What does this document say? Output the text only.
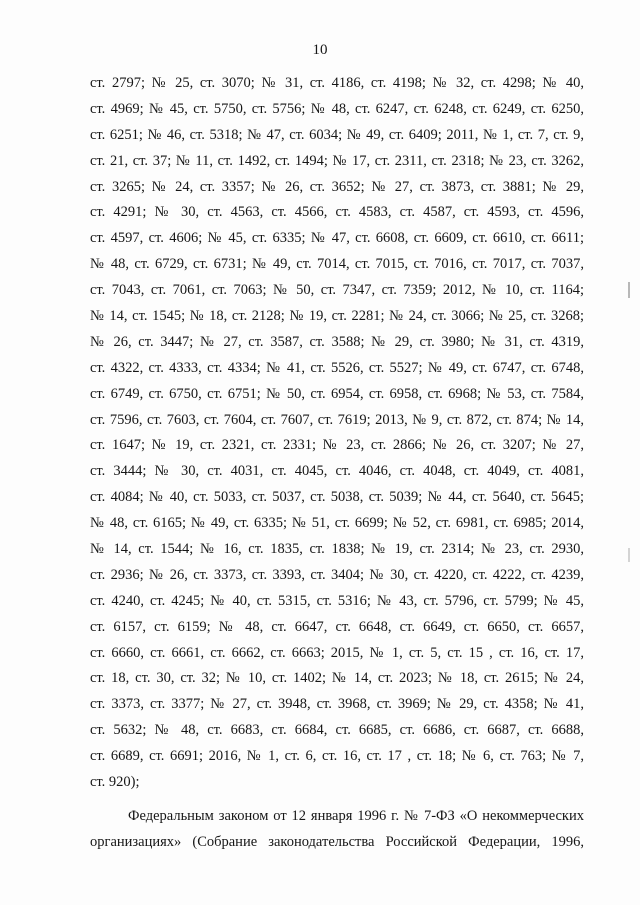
10
ст. 2797; № 25, ст. 3070; № 31, ст. 4186, ст. 4198; № 32, ст. 4298; № 40,
ст. 4969; № 45, ст. 5750, ст. 5756; № 48, ст. 6247, ст. 6248, ст. 6249, ст. 6250,
ст. 6251; № 46, ст. 5318; № 47, ст. 6034; № 49, ст. 6409; 2011, № 1, ст. 7, ст. 9,
ст. 21, ст. 37; № 11, ст. 1492, ст. 1494; № 17, ст. 2311, ст. 2318; № 23, ст. 3262,
ст. 3265; № 24, ст. 3357; № 26, ст. 3652; № 27, ст. 3873, ст. 3881; № 29,
ст. 4291; № 30, ст. 4563, ст. 4566, ст. 4583, ст. 4587, ст. 4593, ст. 4596,
ст. 4597, ст. 4606; № 45, ст. 6335; № 47, ст. 6608, ст. 6609, ст. 6610, ст. 6611;
№ 48, ст. 6729, ст. 6731; № 49, ст. 7014, ст. 7015, ст. 7016, ст. 7017, ст. 7037,
ст. 7043, ст. 7061, ст. 7063; № 50, ст. 7347, ст. 7359; 2012, № 10, ст. 1164;
№ 14, ст. 1545; № 18, ст. 2128; № 19, ст. 2281; № 24, ст. 3066; № 25, ст. 3268;
№ 26, ст. 3447; № 27, ст. 3587, ст. 3588; № 29, ст. 3980; № 31, ст. 4319,
ст. 4322, ст. 4333, ст. 4334; № 41, ст. 5526, ст. 5527; № 49, ст. 6747, ст. 6748,
ст. 6749, ст. 6750, ст. 6751; № 50, ст. 6954, ст. 6958, ст. 6968; № 53, ст. 7584,
ст. 7596, ст. 7603, ст. 7604, ст. 7607, ст. 7619; 2013, № 9, ст. 872, ст. 874; № 14,
ст. 1647; № 19, ст. 2321, ст. 2331; № 23, ст. 2866; № 26, ст. 3207; № 27,
ст. 3444; № 30, ст. 4031, ст. 4045, ст. 4046, ст. 4048, ст. 4049, ст. 4081,
ст. 4084; № 40, ст. 5033, ст. 5037, ст. 5038, ст. 5039; № 44, ст. 5640, ст. 5645;
№ 48, ст. 6165; № 49, ст. 6335; № 51, ст. 6699; № 52, ст. 6981, ст. 6985; 2014,
№ 14, ст. 1544; № 16, ст. 1835, ст. 1838; № 19, ст. 2314; № 23, ст. 2930,
ст. 2936; № 26, ст. 3373, ст. 3393, ст. 3404; № 30, ст. 4220, ст. 4222, ст. 4239,
ст. 4240, ст. 4245; № 40, ст. 5315, ст. 5316; № 43, ст. 5796, ст. 5799; № 45,
ст. 6157, ст. 6159; № 48, ст. 6647, ст. 6648, ст. 6649, ст. 6650, ст. 6657,
ст. 6660, ст. 6661, ст. 6662, ст. 6663; 2015, № 1, ст. 5, ст. 15 , ст. 16, ст. 17,
ст. 18, ст. 30, ст. 32; № 10, ст. 1402; № 14, ст. 2023; № 18, ст. 2615; № 24,
ст. 3373, ст. 3377; № 27, ст. 3948, ст. 3968, ст. 3969; № 29, ст. 4358; № 41,
ст. 5632; № 48, ст. 6683, ст. 6684, ст. 6685, ст. 6686, ст. 6687, ст. 6688,
ст. 6689, ст. 6691; 2016, № 1, ст. 6, ст. 16, ст. 17 , ст. 18; № 6, ст. 763; № 7,
ст. 920);
Федеральным законом от 12 января 1996 г. № 7-ФЗ «О некоммерческих
организациях» (Собрание законодательства Российской Федерации, 1996,
